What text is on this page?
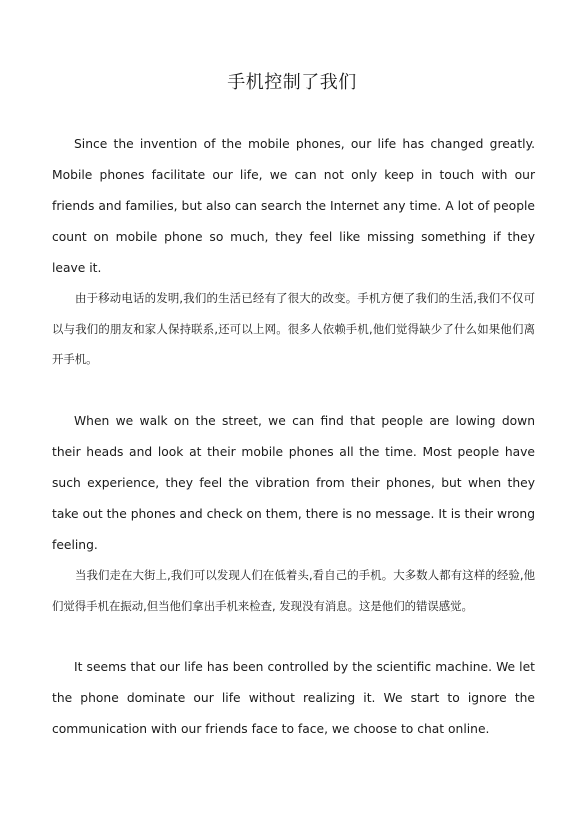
手机控制了我们

Since the invention of the mobile phones, our life has changed greatly. Mobile phones facilitate our life, we can not only keep in touch with our friends and families, but also can search the Internet any time. A lot of people count on mobile phone so much, they feel like missing something if they leave it.

由于移动电话的发明,我们的生活已经有了很大的改变。手机方便了我们的生活,我们不仅可以与我们的朋友和家人保持联系,还可以上网。很多人依赖手机,他们觉得缺少了什么如果他们离开手机。

When we walk on the street, we can find that people are lowing down their heads and look at their mobile phones all the time. Most people have such experience, they feel the vibration from their phones, but when they take out the phones and check on them, there is no message. It is their wrong feeling.

当我们走在大街上,我们可以发现人们在低着头,看自己的手机。大多数人都有这样的经验,他们觉得手机在振动,但当他们拿出手机来检查, 发现没有消息。这是他们的错误感觉。

It seems that our life has been controlled by the scientific machine. We let the phone dominate our life without realizing it. We start to ignore the communication with our friends face to face, we choose to chat online.
